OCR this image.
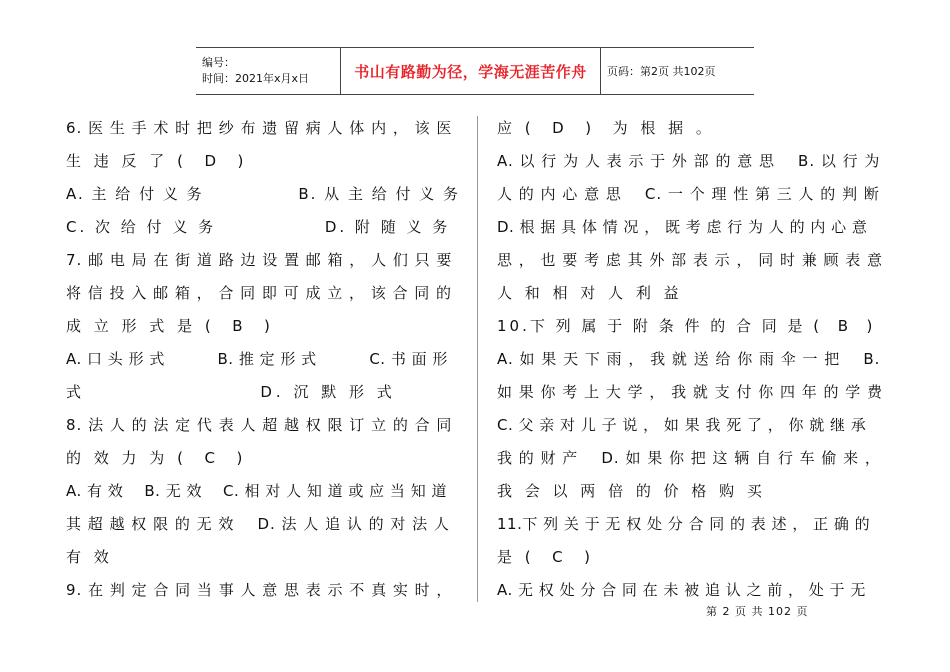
编号：
时间：2021年x月x日	书山有路勤为径，学海无涯苦作舟	页码：第2页 共102页
6. 医 生 手 术 时 把 纱 布 遗 留 病 人 体 内 ， 该 医
生 违 反 了 (  D  )
A. 主 给 付 义 务              B. 从 主 给 付 义 务
C. 次 给 付 义 务              D. 附 随 义 务
7. 邮 电 局 在 街 道 路 边 设 置 邮 箱 ， 人 们 只 要
将 信 投 入 邮 箱 ， 合 同 即 可 成 立 ， 该 合 同 的
成 立 形 式 是 (  B  )
A. 口 头 形 式          B. 推 定 形 式          C. 书 面 形
式                    D. 沉 默 形 式
8. 法 人 的 法 定 代 表 人 超 越 权 限 订 立 的 合 同
的 效 力 为 (  C  )
A. 有 效    B. 无 效    C. 相 对 人 知 道 或 应 当 知 道
其 超 越 权 限 的 无 效    D. 法 人 追 认 的 对 法 人
有 效
9. 在 判 定 合 同 当 事 人 意 思 表 示 不 真 实 时 ，
应 (  D  )  为 根 据 。
A. 以 行 为 人 表 示 于 外 部 的 意 思    B. 以 行 为
人 的 内 心 意 思    C. 一 个 理 性 第 三 人 的 判 断
D. 根 据 具 体 情 况 ， 既 考 虑 行 为 人 的 内 心 意
思 ， 也 要 考 虑 其 外 部 表 示 ， 同 时 兼 顾 表 意
人 和 相 对 人 利 益
10.下 列 属 于 附 条 件 的 合 同 是 (  B  )
A. 如 果 天 下 雨 ， 我 就 送 给 你 雨 伞 一 把    B.
如 果 你 考 上 大 学 ， 我 就 支 付 你 四 年 的 学 费
C. 父 亲 对 儿 子 说 ， 如 果 我 死 了 ， 你 就 继 承
我 的 财 产    D. 如 果 你 把 这 辆 自 行 车 偷 来 ，
我 会 以 两 倍 的 价 格 购 买
11.下 列 关 于 无 权 处 分 合 同 的 表 述 ， 正 确 的
是 (  C  )
A. 无 权 处 分 合 同 在 未 被 追 认 之 前 ， 处 于 无
第 2 页 共 102 页
